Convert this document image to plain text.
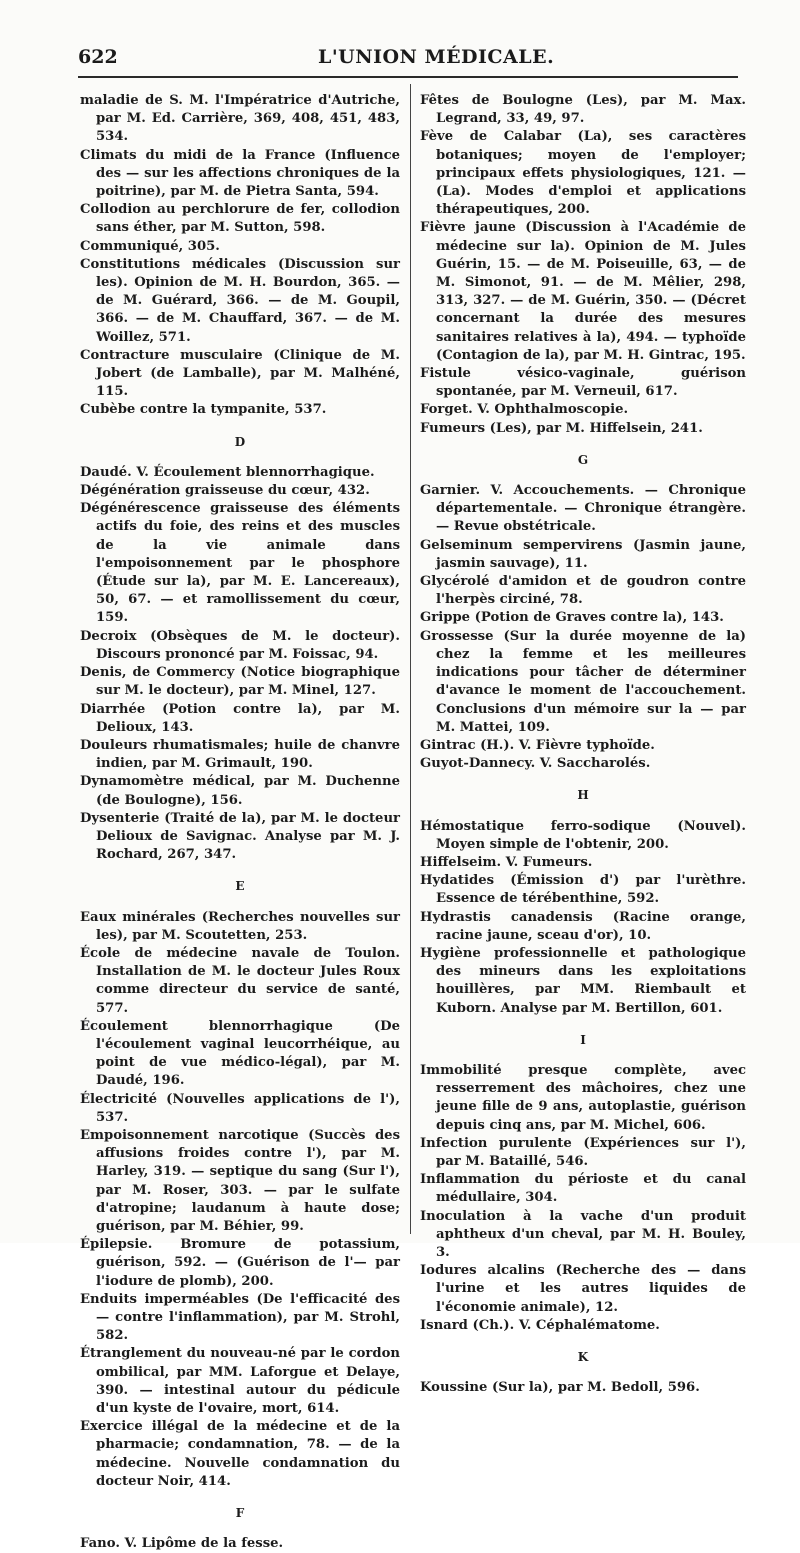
622	L'UNION MÉDICALE.

maladie de S. M. l'Impératrice d'Autriche, par M. Ed. Carrière, 369, 408, 451, 483, 534.

Climats du midi de la France (Influence des — sur les affections chroniques de la poitrine), par M. de Pietra Santa, 594.

Collodion au perchlorure de fer, collodion sans éther, par M. Sutton, 598.

Communiqué, 305.

Constitutions médicales (Discussion sur les). Opinion de M. H. Bourdon, 365. — de M. Guérard, 366. — de M. Goupil, 366. — de M. Chauffard, 367. — de M. Woillez, 571.

Contracture musculaire (Clinique de M. Jobert (de Lamballe), par M. Malhéné, 115.

Cubèbe contre la tympanite, 537.

D

Daudé. V. Écoulement blennorrhagique.

Dégénération graisseuse du cœur, 432.

Dégénérescence graisseuse des éléments actifs du foie, des reins et des muscles de la vie animale dans l'empoisonnement par le phosphore (Étude sur la), par M. E. Lancereaux), 50, 67. — et ramollissement du cœur, 159.

Decroix (Obsèques de M. le docteur). Discours prononcé par M. Foissac, 94.

Denis, de Commercy (Notice biographique sur M. le docteur), par M. Minel, 127.

Diarrhée (Potion contre la), par M. Delioux, 143.

Douleurs rhumatismales; huile de chanvre indien, par M. Grimault, 190.

Dynamomètre médical, par M. Duchenne (de Boulogne), 156.

Dysenterie (Traité de la), par M. le docteur Delioux de Savignac. Analyse par M. J. Rochard, 267, 347.

E

Eaux minérales (Recherches nouvelles sur les), par M. Scoutetten, 253.

École de médecine navale de Toulon. Installation de M. le docteur Jules Roux comme directeur du service de santé, 577.

Écoulement blennorrhagique (De l'écoulement vaginal leucorrhéique, au point de vue médico-légal), par M. Daudé, 196.

Électricité (Nouvelles applications de l'), 537.

Empoisonnement narcotique (Succès des affusions froides contre l'), par M. Harley, 319. — septique du sang (Sur l'), par M. Roser, 303. — par le sulfate d'atropine; laudanum à haute dose; guérison, par M. Béhier, 99.

Épilepsie. Bromure de potassium, guérison, 592. — (Guérison de l'— par l'iodure de plomb), 200.

Enduits imperméables (De l'efficacité des — contre l'inflammation), par M. Strohl, 582.

Étranglement du nouveau-né par le cordon ombilical, par MM. Laforgue et Delaye, 390. — intestinal autour du pédicule d'un kyste de l'ovaire, mort, 614.

Exercice illégal de la médecine et de la pharmacie; condamnation, 78. — de la médecine. Nouvelle condamnation du docteur Noir, 414.

F

Fano. V. Lipôme de la fesse.

Fêtes de Boulogne (Les), par M. Max. Legrand, 33, 49, 97.

Fève de Calabar (La), ses caractères botaniques; moyen de l'employer; principaux effets physiologiques, 121. — (La). Modes d'emploi et applications thérapeutiques, 200.

Fièvre jaune (Discussion à l'Académie de médecine sur la). Opinion de M. Jules Guérin, 15. — de M. Poiseuille, 63, — de M. Simonot, 91. — de M. Mêlier, 298, 313, 327. — de M. Guérin, 350. — (Décret concernant la durée des mesures sanitaires relatives à la), 494. — typhoïde (Contagion de la), par M. H. Gintrac, 195.

Fistule vésico-vaginale, guérison spontanée, par M. Verneuil, 617.

Forget. V. Ophthalmoscopie.

Fumeurs (Les), par M. Hiffelsein, 241.

G

Garnier. V. Accouchements. — Chronique départementale. — Chronique étrangère. — Revue obstétricale.

Gelseminum sempervirens (Jasmin jaune, jasmin sauvage), 11.

Glycérolé d'amidon et de goudron contre l'herpès circiné, 78.

Grippe (Potion de Graves contre la), 143.

Grossesse (Sur la durée moyenne de la) chez la femme et les meilleures indications pour tâcher de déterminer d'avance le moment de l'accouchement. Conclusions d'un mémoire sur la — par M. Mattei, 109.

Gintrac (H.). V. Fièvre typhoïde.

Guyot-Dannecy. V. Saccharolés.

H

Hémostatique ferro-sodique (Nouvel). Moyen simple de l'obtenir, 200.

Hiffelseim. V. Fumeurs.

Hydatides (Émission d') par l'urèthre. Essence de térébenthine, 592.

Hydrastis canadensis (Racine orange, racine jaune, sceau d'or), 10.

Hygiène professionnelle et pathologique des mineurs dans les exploitations houillères, par MM. Riembault et Kuborn. Analyse par M. Bertillon, 601.

I

Immobilité presque complète, avec resserrement des mâchoires, chez une jeune fille de 9 ans, autoplastie, guérison depuis cinq ans, par M. Michel, 606.

Infection purulente (Expériences sur l'), par M. Bataillé, 546.

Inflammation du périoste et du canal médullaire, 304.

Inoculation à la vache d'un produit aphtheux d'un cheval, par M. H. Bouley, 3.

Iodures alcalins (Recherche des — dans l'urine et les autres liquides de l'économie animale), 12.

Isnard (Ch.). V. Céphalématome.

K

Koussine (Sur la), par M. Bedoll, 596.
